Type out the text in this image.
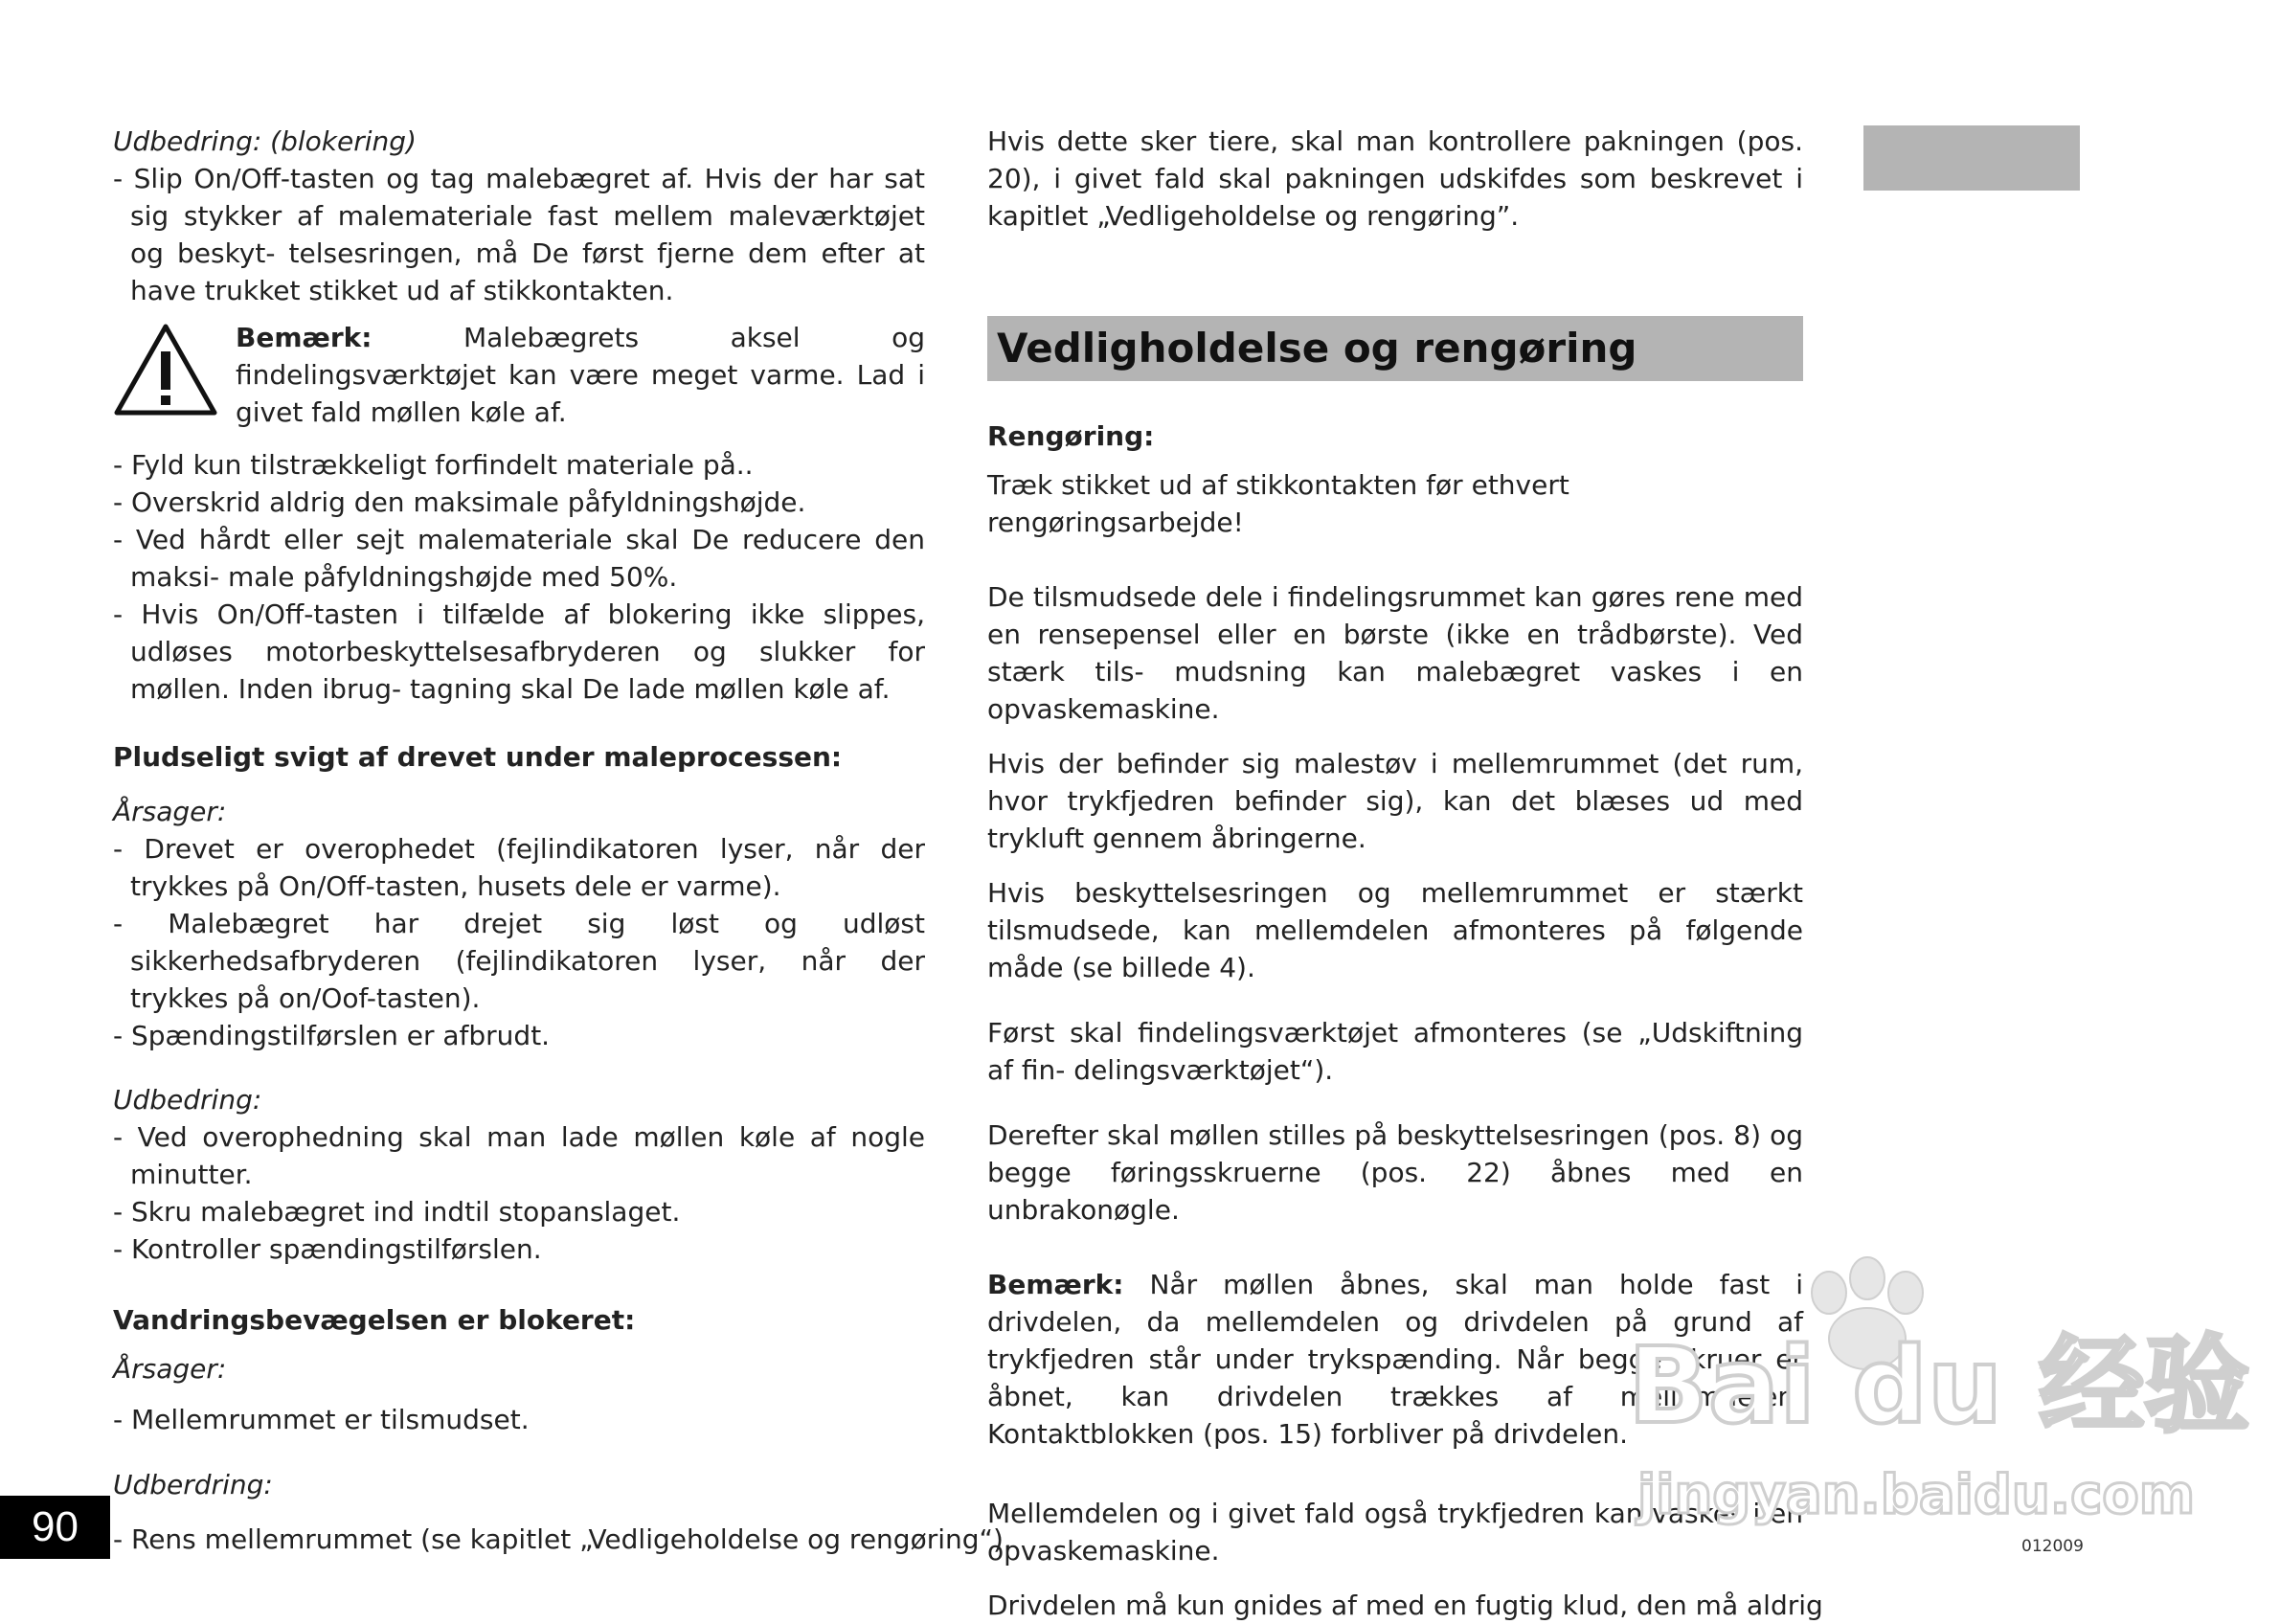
Udbedring: (blokering)

- Slip On/Off-tasten og tag malebægret af. Hvis der har sat sig stykker af malemateriale fast mellem maleværktøjet og beskyt- telsesringen, må De først fjerne dem efter at have trukket stikket ud af stikkontakten.

Bemærk: Malebægrets aksel og findelingsværktøjet kan være meget varme. Lad i givet fald møllen køle af.

- Fyld kun tilstrækkeligt forfindelt materiale på..

- Overskrid aldrig den maksimale påfyldningshøjde.

- Ved hårdt eller sejt malemateriale skal De reducere den maksi- male påfyldningshøjde med 50%.

- Hvis On/Off-tasten i tilfælde af blokering ikke slippes, udløses motorbeskyttelsesafbryderen og slukker for møllen. Inden ibrug- tagning skal De lade møllen køle af.

Pludseligt svigt af drevet under maleprocessen:

Årsager:

- Drevet er overophedet (fejlindikatoren lyser, når der trykkes på On/Off-tasten, husets dele er varme).

- Malebægret har drejet sig løst og udløst sikkerhedsafbryderen (fejlindikatoren lyser, når der trykkes på on/Oof-tasten).

- Spændingstilførslen er afbrudt.

Udbedring:

- Ved overophedning skal man lade møllen køle af nogle minutter.

- Skru malebægret ind indtil stopanslaget.

- Kontroller spændingstilførslen.

Vandringsbevægelsen er blokeret:

Årsager:

- Mellemrummet er tilsmudset.

Udberdring:

- Rens mellemrummet (se kapitlet „Vedligeholdelse og rengøring“).

Hvis dette sker tiere, skal man kontrollere pakningen (pos. 20), i givet fald skal pakningen udskifdes som beskrevet i kapitlet „Vedligeholdelse og rengøring”.

Vedligholdelse og rengøring

Rengøring:

Træk stikket ud af stikkontakten før ethvert rengøringsarbejde!

De tilsmudsede dele i findelingsrummet kan gøres rene med en rensepensel eller en børste (ikke en trådbørste). Ved stærk tils- mudsning kan malebægret vaskes i en opvaskemaskine.

Hvis der befinder sig malestøv i mellemrummet (det rum, hvor trykfjedren befinder sig), kan det blæses ud med trykluft gennem åbringerne.

Hvis beskyttelsesringen og mellemrummet er stærkt tilsmudsede, kan mellemdelen afmonteres på følgende måde (se billede 4).

Først skal findelingsværktøjet afmonteres (se „Udskiftning af fin- delingsværktøjet“).

Derefter skal møllen stilles på beskyttelsesringen (pos. 8) og begge føringsskruerne (pos. 22) åbnes med en unbrakonøgle.

Bemærk: Når møllen åbnes, skal man holde fast i drivdelen, da mellemdelen og drivdelen på grund af trykfjedren står under trykspænding. Når begge skruer er åbnet, kan drivdelen trækkes af mellemdelen. Kontaktblokken (pos. 15) forbliver på drivdelen.

Mellemdelen og i givet fald også trykfjedren kan vaskes i en opvaskemaskine.

Drivdelen må kun gnides af med en fugtig klud, den må aldrig

90	012009
Bai du 经验
jingyan.baidu.com
